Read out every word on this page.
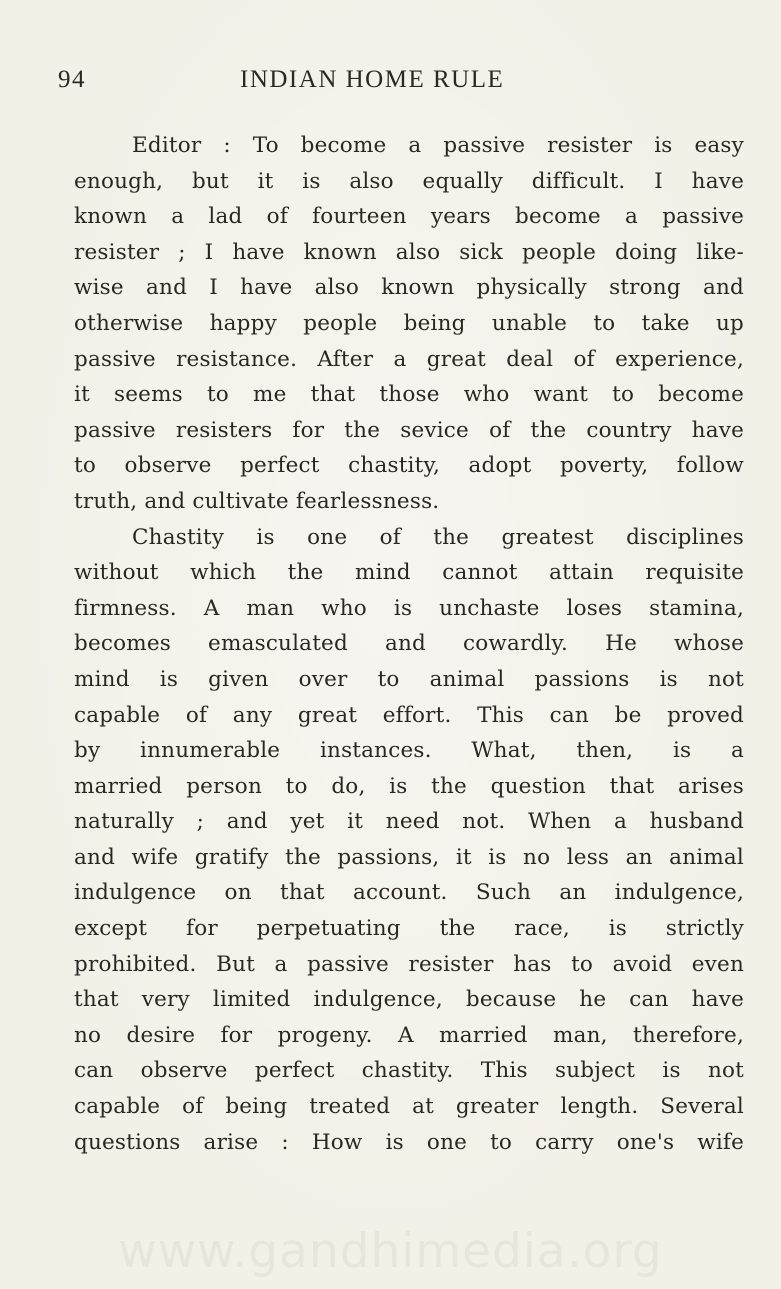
94	INDIAN HOME RULE
Editor : To become a passive resister is easy
enough, but it is also equally difficult. I have
known a lad of fourteen years become a passive
resister ; I have known also sick people doing like-
wise and I have also known physically strong and
otherwise happy people being unable to take up
passive resistance. After a great deal of experience,
it seems to me that those who want to become
passive resisters for the sevice of the country have
to observe perfect chastity, adopt poverty, follow
truth, and cultivate fearlessness.
Chastity is one of the greatest disciplines
without which the mind cannot attain requisite
firmness. A man who is unchaste loses stamina,
becomes emasculated and cowardly. He whose
mind is given over to animal passions is not
capable of any great effort. This can be proved
by innumerable instances. What, then, is a
married person to do, is the question that arises
naturally ; and yet it need not. When a husband
and wife gratify the passions, it is no less an animal
indulgence on that account. Such an indulgence,
except for perpetuating the race, is strictly
prohibited. But a passive resister has to avoid even
that very limited indulgence, because he can have
no desire for progeny. A married man, therefore,
can observe perfect chastity. This subject is not
capable of being treated at greater length. Several
questions arise : How is one to carry one's wife
www.gandhimedia.org
